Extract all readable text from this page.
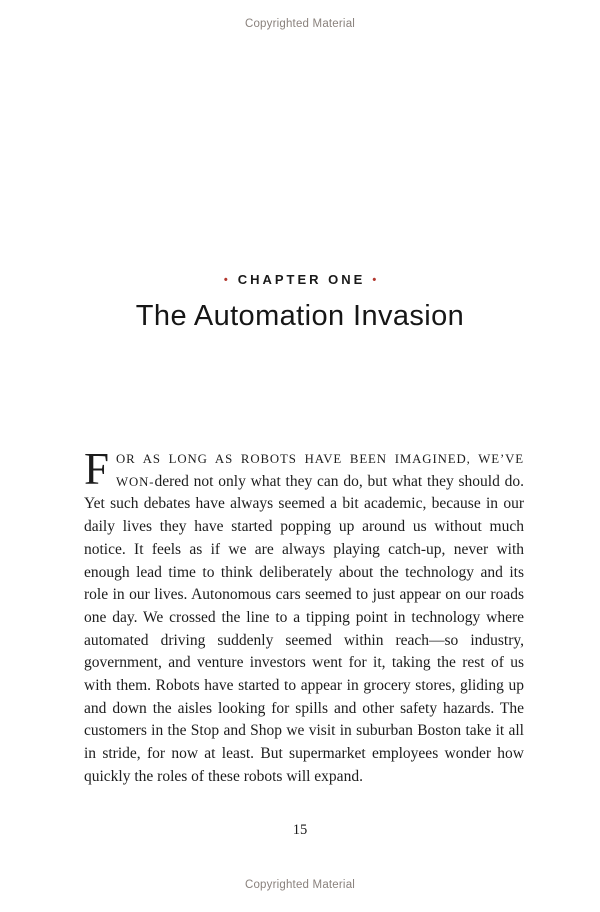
Copyrighted Material
• CHAPTER ONE •
The Automation Invasion
FOR AS LONG AS ROBOTS HAVE BEEN IMAGINED, WE’VE WON-dered not only what they can do, but what they should do. Yet such debates have always seemed a bit academic, because in our daily lives they have started popping up around us without much notice. It feels as if we are always playing catch-up, never with enough lead time to think deliberately about the technology and its role in our lives. Autonomous cars seemed to just appear on our roads one day. We crossed the line to a tipping point in technology where automated driving suddenly seemed within reach—so industry, government, and venture investors went for it, taking the rest of us with them. Robots have started to appear in grocery stores, gliding up and down the aisles looking for spills and other safety hazards. The customers in the Stop and Shop we visit in suburban Boston take it all in stride, for now at least. But supermarket employees wonder how quickly the roles of these robots will expand.
15
Copyrighted Material
